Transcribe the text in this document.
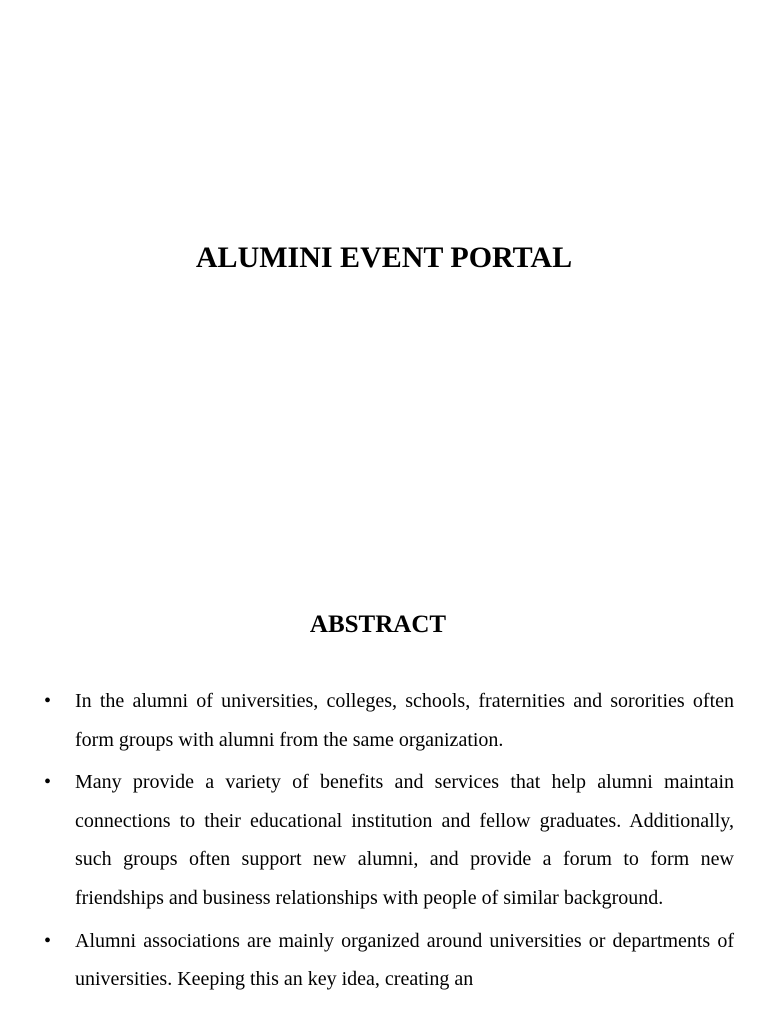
ALUMINI EVENT PORTAL
ABSTRACT
• In the alumni of universities, colleges, schools, fraternities and sororities often form groups with alumni from the same organization.
• Many provide a variety of benefits and services that help alumni maintain connections to their educational institution and fellow graduates. Additionally, such groups often support new alumni, and provide a forum to form new friendships and business relationships with people of similar background.
• Alumni associations are mainly organized around universities or departments of universities. Keeping this an key idea, creating an
